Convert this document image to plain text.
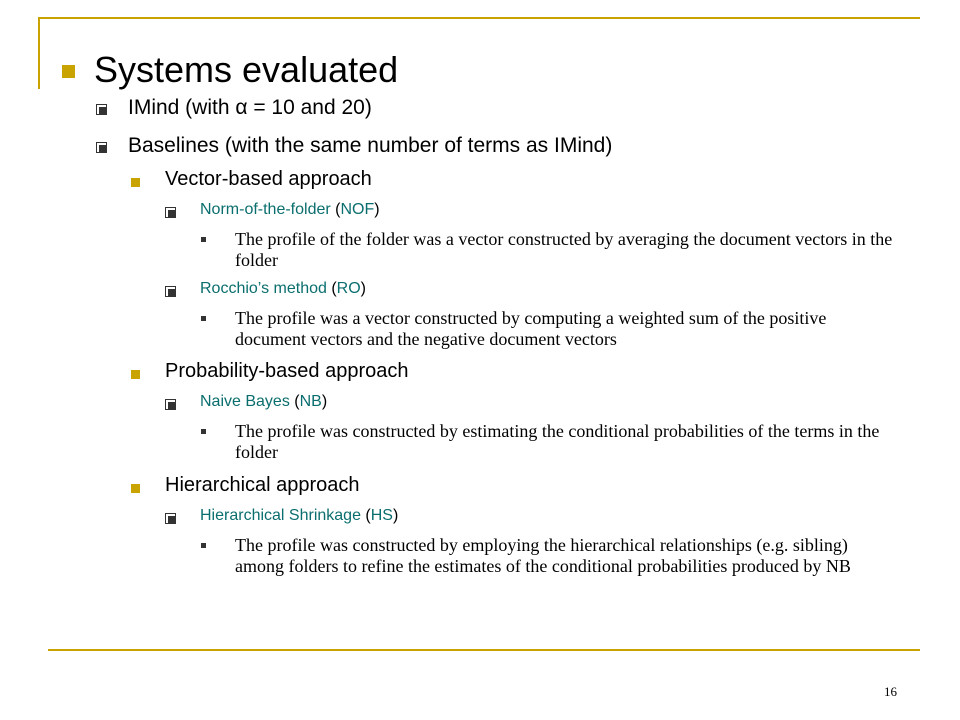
Systems evaluated
IMind (with α = 10 and 20)
Baselines (with the same number of terms as IMind)
Vector-based approach
Norm-of-the-folder (NOF)
The profile of the folder was a vector constructed by averaging the document vectors in the folder
Rocchio’s method (RO)
The profile was a vector constructed by computing a weighted sum of the positive document vectors and the negative document vectors
Probability-based approach
Naive Bayes (NB)
The profile was constructed by estimating the conditional probabilities of the terms in the folder
Hierarchical approach
Hierarchical Shrinkage (HS)
The profile was constructed by employing the hierarchical relationships (e.g. sibling) among folders to refine the estimates of the conditional probabilities produced by NB
16
